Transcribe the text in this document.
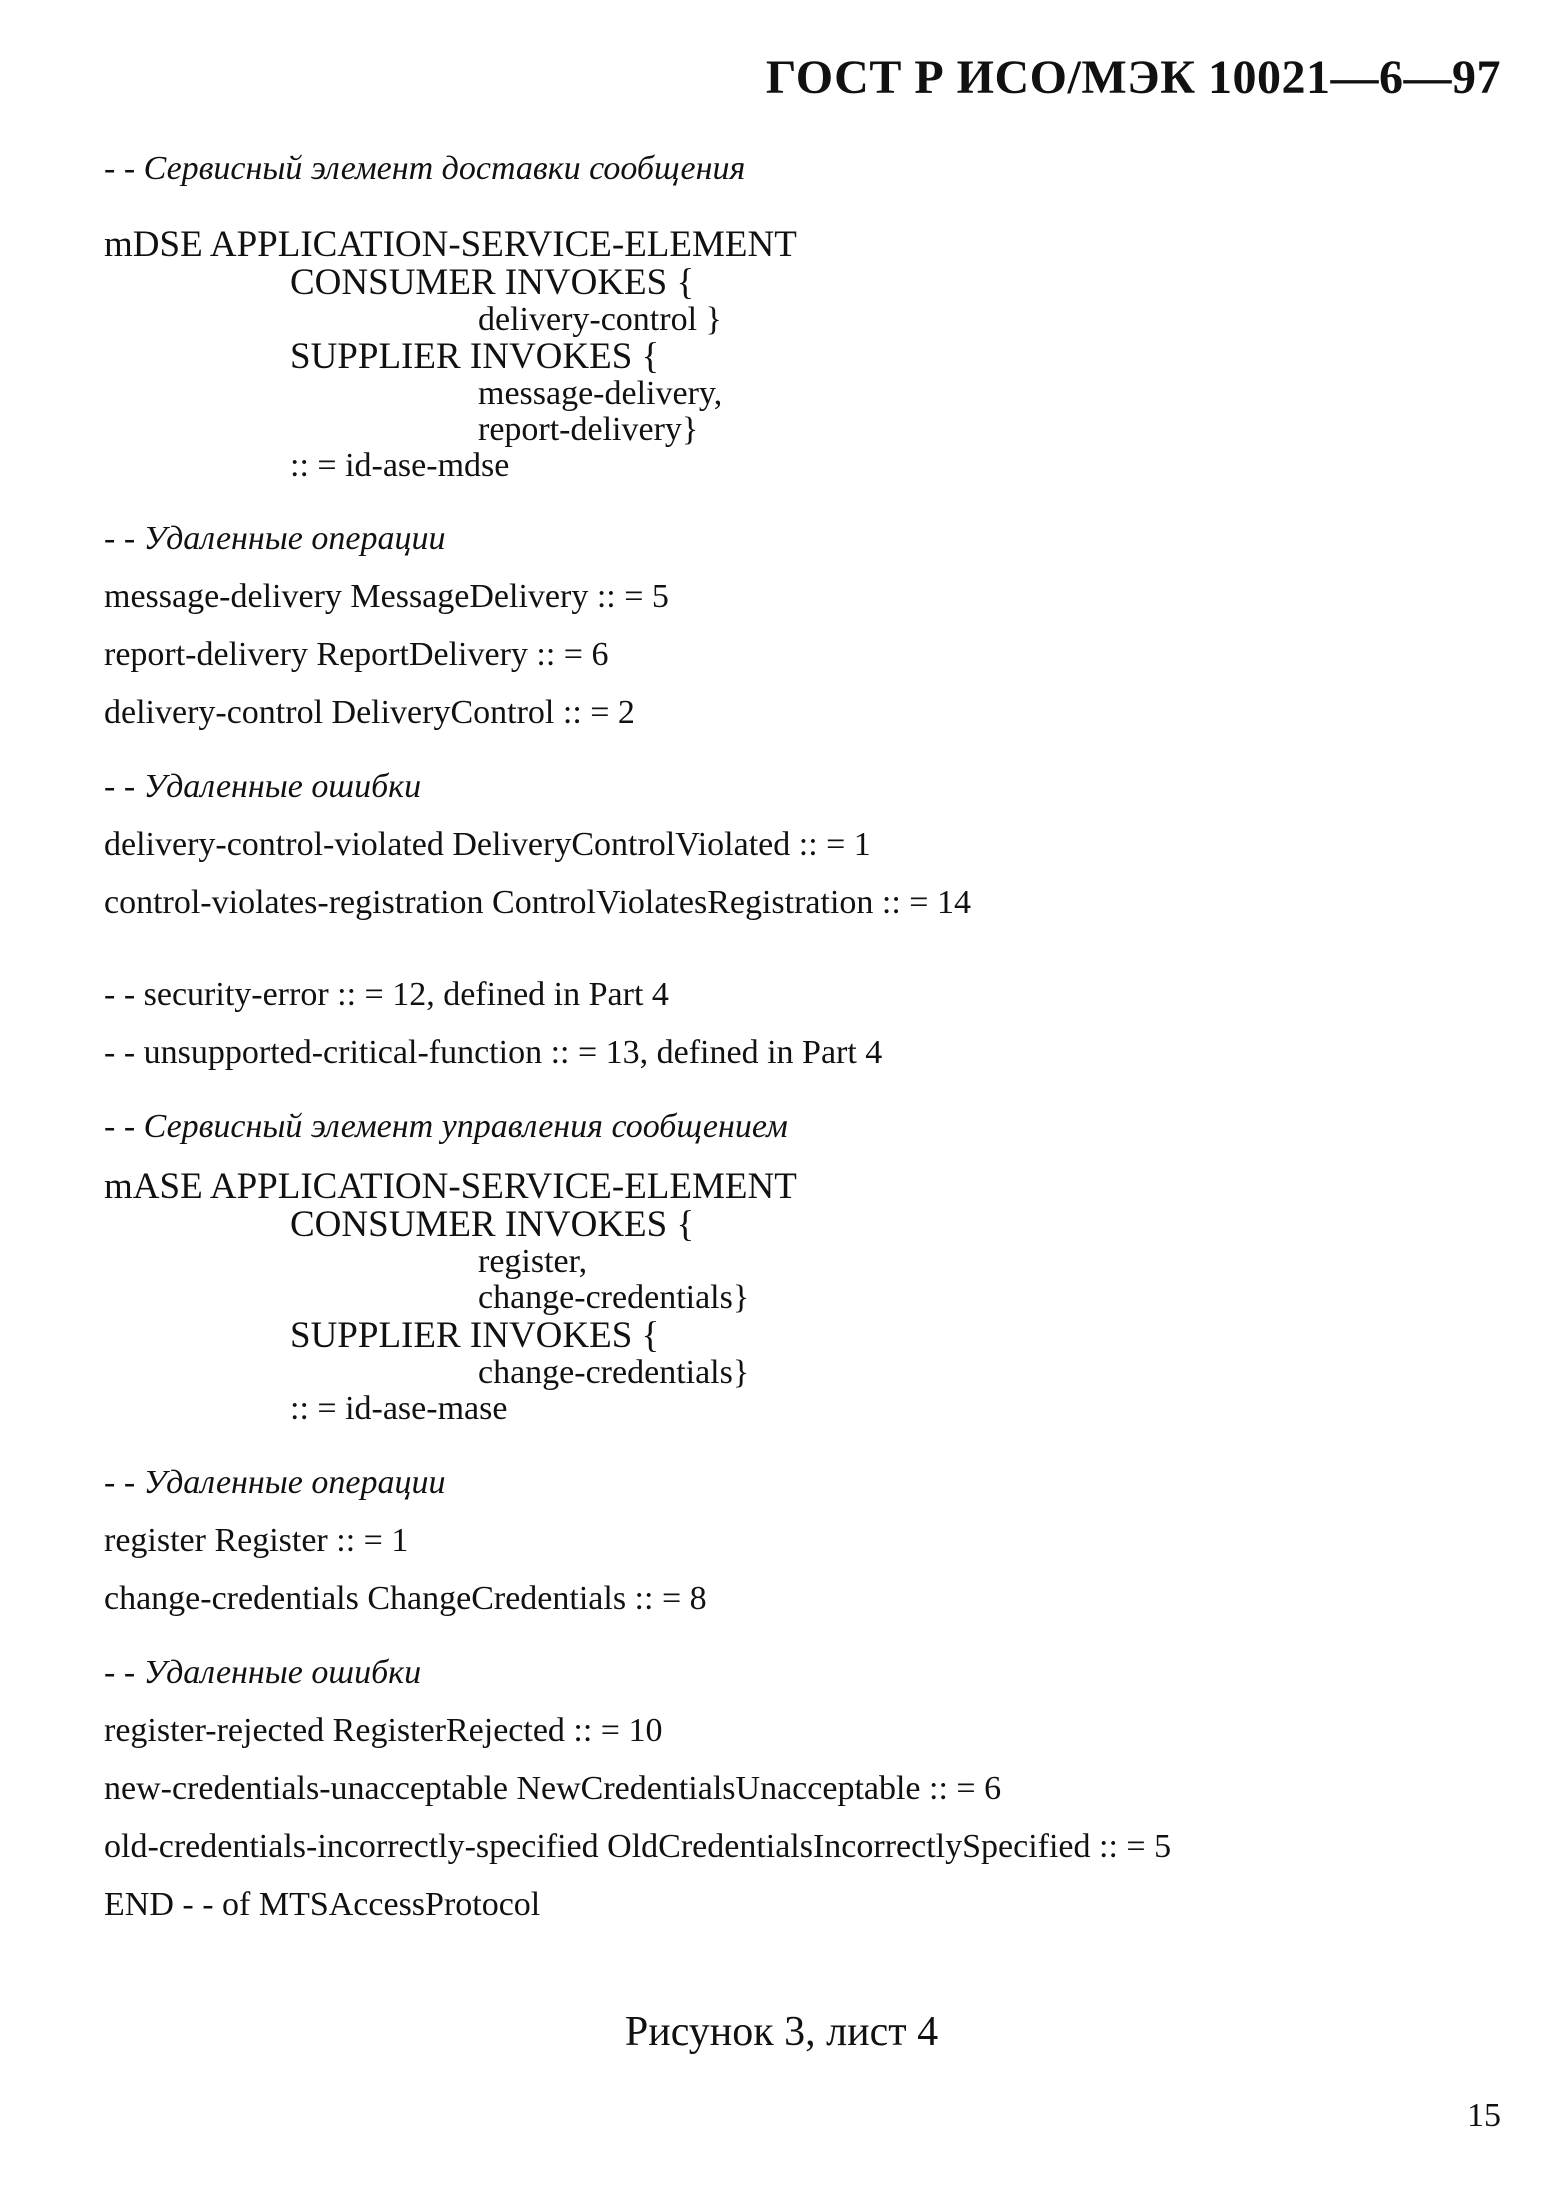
ГОСТ Р ИСО/МЭК 10021—6—97
- - Сервисный элемент доставки сообщения
mDSE APPLICATION-SERVICE-ELEMENT
CONSUMER INVOKES {
delivery-control }
SUPPLIER INVOKES {
message-delivery,
report-delivery}
:: = id-ase-mdse
- - Удаленные операции
message-delivery MessageDelivery :: = 5
report-delivery ReportDelivery :: = 6
delivery-control DeliveryControl :: = 2
- - Удаленные ошибки
delivery-control-violated DeliveryControlViolated :: = 1
control-violates-registration ControlViolatesRegistration :: = 14
- - security-error :: = 12, defined in Part 4
- - unsupported-critical-function :: = 13, defined in Part 4
- - Сервисный элемент управления сообщением
mASE APPLICATION-SERVICE-ELEMENT
CONSUMER INVOKES {
register,
change-credentials}
SUPPLIER INVOKES {
change-credentials}
:: = id-ase-mase
- - Удаленные операции
register Register :: = 1
change-credentials ChangeCredentials :: = 8
- - Удаленные ошибки
register-rejected RegisterRejected :: = 10
new-credentials-unacceptable NewCredentialsUnacceptable :: = 6
old-credentials-incorrectly-specified OldCredentialsIncorrectlySpecified :: = 5
END - - of MTSAccessProtocol
Рисунок 3, лист 4
15
